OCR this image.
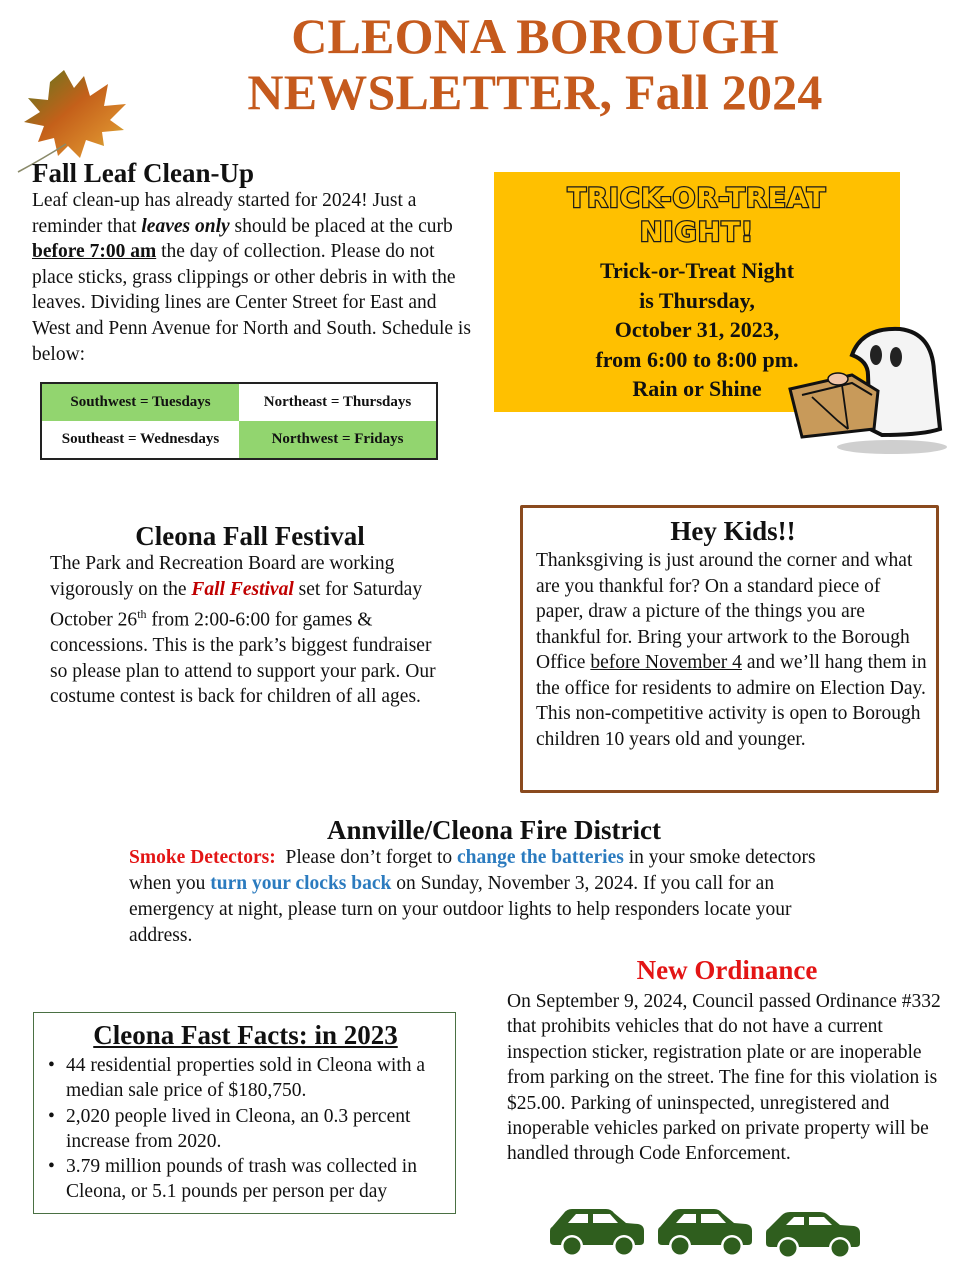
CLEONA BOROUGH
NEWSLETTER, Fall 2024
Fall Leaf Clean-Up

Leaf clean-up has already started for 2024! Just a reminder that leaves only should be placed at the curb before 7:00 am the day of collection. Please do not place sticks, grass clippings or other debris in with the leaves. Dividing lines are Center Street for East and West and Penn Avenue for North and South. Schedule is below:

Southwest = Tuesdays	Northeast = Thursdays
Southeast = Wednesdays	Northwest = Fridays
TRICK-OR-TREAT
NIGHT!
Trick-or-Treat Night
is Thursday,
October 31, 2023,
from 6:00 to 8:00 pm.
Rain or Shine
Cleona Fall Festival

The Park and Recreation Board are working vigorously on the Fall Festival set for Saturday October 26th from 2:00-6:00 for games & concessions. This is the park’s biggest fundraiser so please plan to attend to support your park. Our costume contest is back for children of all ages.

Hey Kids!!

Thanksgiving is just around the corner and what are you thankful for? On a standard piece of paper, draw a picture of the things you are thankful for. Bring your artwork to the Borough Office before November 4 and we’ll hang them in the office for residents to admire on Election Day. This non-competitive activity is open to Borough children 10 years old and younger.

Annville/Cleona Fire District

Smoke Detectors:  Please don’t forget to change the batteries in your smoke detectors when you turn your clocks back on Sunday, November 3, 2024. If you call for an emergency at night, please turn on your outdoor lights to help responders locate your address.

Cleona Fast Facts: in 2023
• 44 residential properties sold in Cleona with a median sale price of $180,750.
• 2,020 people lived in Cleona, an 0.3 percent increase from 2020.
• 3.79 million pounds of trash was collected in Cleona, or 5.1 pounds per person per day
New Ordinance

On September 9, 2024, Council passed Ordinance #332 that prohibits vehicles that do not have a current inspection sticker, registration plate or are inoperable from parking on the street. The fine for this violation is $25.00. Parking of uninspected, unregistered and inoperable vehicles parked on private property will be handled through Code Enforcement.
